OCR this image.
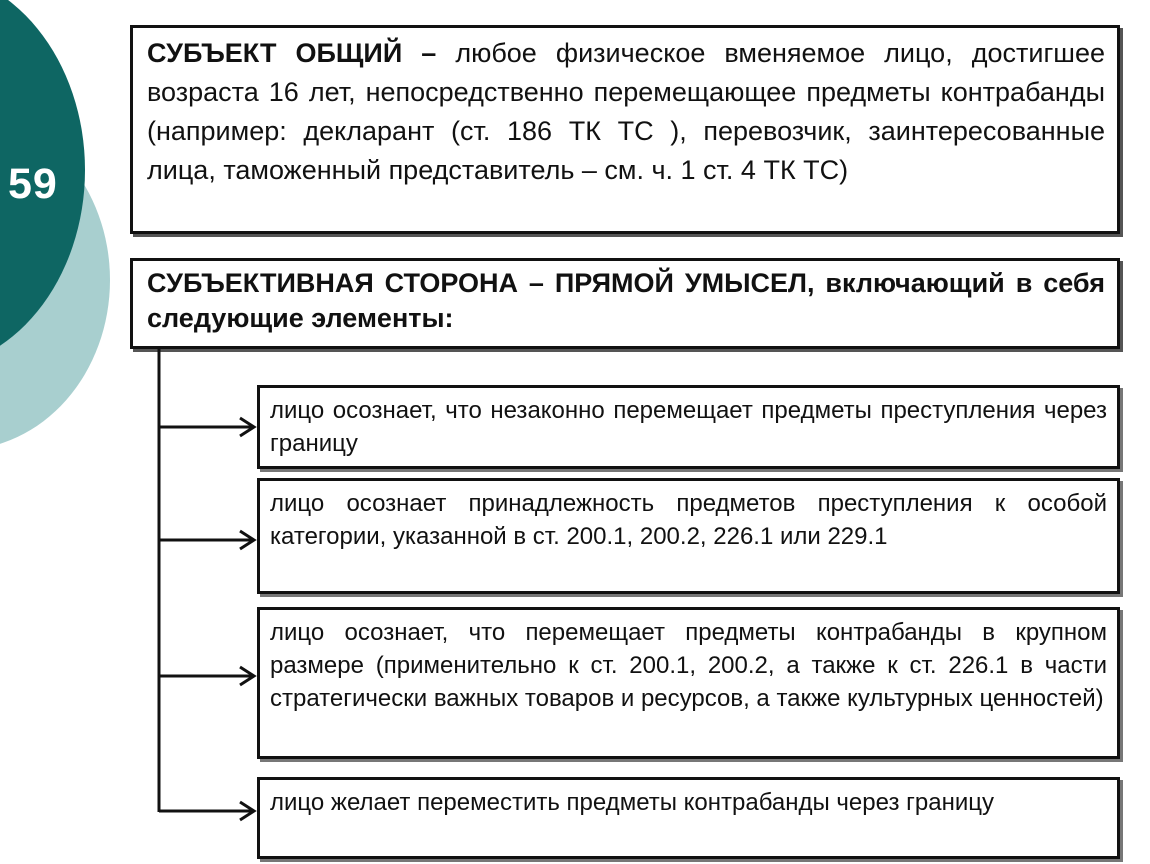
59
СУБЪЕКТ ОБЩИЙ – любое физическое вменяемое лицо, достигшее возраста 16 лет, непосредственно перемещающее предметы контрабанды (например: декларант (ст. 186 ТК ТС ), перевозчик, заинтересованные лица, таможенный представитель – см. ч. 1 ст. 4 ТК ТС)
СУБЪЕКТИВНАЯ СТОРОНА – ПРЯМОЙ УМЫСЕЛ, включающий в себя следующие элементы:
лицо осознает, что незаконно перемещает предметы преступления через границу
лицо осознает принадлежность предметов преступления к особой категории, указанной в ст. 200.1, 200.2, 226.1 или 229.1
лицо осознает, что перемещает предметы контрабанды в крупном размере (применительно к ст. 200.1, 200.2, а также к ст. 226.1 в части стратегически важных товаров и ресурсов, а также культурных ценностей)
лицо желает переместить предметы контрабанды через границу
